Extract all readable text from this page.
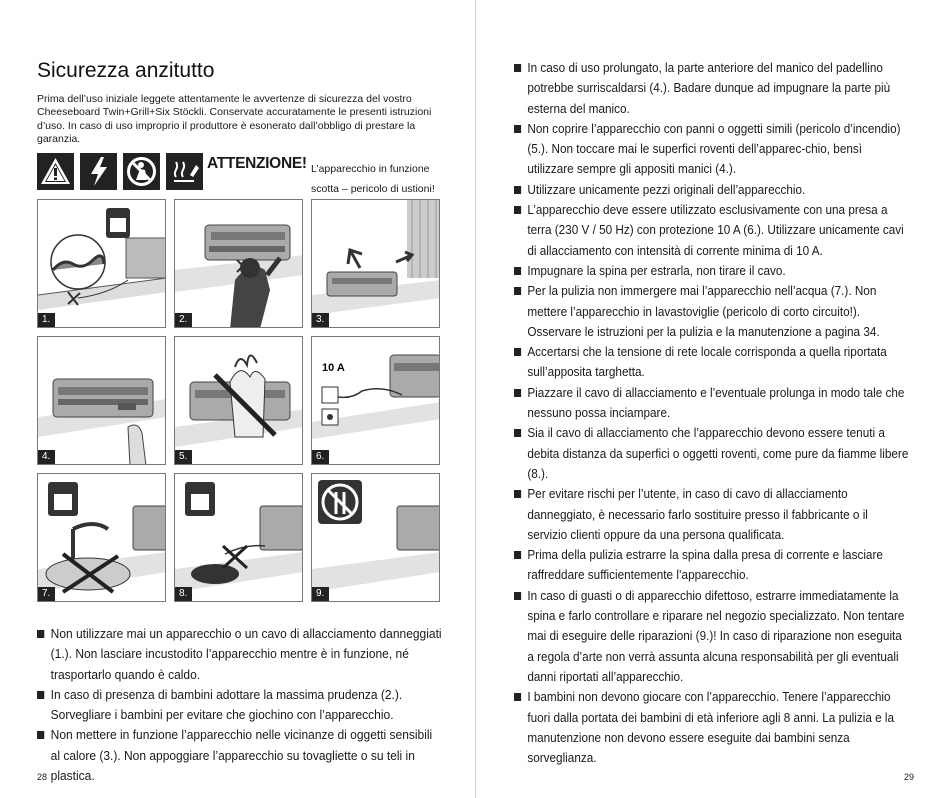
Sicurezza anzitutto

Prima dell’uso iniziale leggete attentamente le avvertenze di sicurezza del vostro Cheeseboard Twin+Grill+Six Stöckli. Conservate accuratamente le presenti istruzioni d’uso. In caso di uso improprio il produttore è esonerato dall’obbligo di prestare la garanzia.

ATTENZIONE! L’apparecchio in funzione
scotta – pericolo di ustioni!
1.	2.	3.
4.	5.
10 A
6.
7.	8.	9.
Non utilizzare mai un apparecchio o un cavo di allacciamento danneggiati (1.). Non lasciare incustodito l’apparecchio mentre è in funzione, né trasportarlo quando è caldo.
In caso di presenza di bambini adottare la massima prudenza (2.). Sorvegliare i bambini per evitare che giochino con l’apparecchio.
Non mettere in funzione l’apparecchio nelle vicinanze di oggetti sensibili al calore (3.). Non appoggiare l’apparecchio su tovagliette o su teli in plastica.
28
In caso di uso prolungato, la parte anteriore del manico del padellino potrebbe surriscaldarsi (4.). Badare dunque ad impugnare la parte più esterna del manico.
Non coprire l’apparecchio con panni o oggetti simili (pericolo d’incendio) (5.). Non toccare mai le superfici roventi dell’apparec-chio, bensì utilizzare sempre gli appositi manici (4.).
Utilizzare unicamente pezzi originali dell’apparecchio.
L’apparecchio deve essere utilizzato esclusivamente con una presa a terra (230 V / 50 Hz) con protezione 10 A (6.). Utilizzare unicamente cavi di allacciamento con intensità di corrente minima di 10 A.
Impugnare la spina per estrarla, non tirare il cavo.
Per la pulizia non immergere mai l’apparecchio nell’acqua (7.). Non mettere l’apparecchio in lavastoviglie (pericolo di corto circuito!). Osservare le istruzioni per la pulizia e la manutenzione a pagina 34.
Accertarsi che la tensione di rete locale corrisponda a quella riportata sull’apposita targhetta.
Piazzare il cavo di allacciamento e l’eventuale prolunga in modo tale che nessuno possa inciampare.
Sia il cavo di allacciamento che l’apparecchio devono essere tenuti a debita distanza da superfici o oggetti roventi, come pure da fiamme libere (8.).
Per evitare rischi per l’utente, in caso di cavo di allacciamento danneggiato, è necessario farlo sostituire presso il fabbricante o il servizio clienti oppure da una persona qualificata.
Prima della pulizia estrarre la spina dalla presa di corrente e lasciare raffreddare sufficientemente l’apparecchio.
In caso di guasti o di apparecchio difettoso, estrarre immediatamente la spina e farlo controllare e riparare nel negozio specializzato. Non tentare mai di eseguire delle riparazioni (9.)! In caso di riparazione non eseguita a regola d’arte non verrà assunta alcuna responsabilità per gli eventuali danni riportati all’apparecchio.
I bambini non devono giocare con l’apparecchio. Tenere l’apparecchio fuori dalla portata dei bambini di età inferiore agli 8 anni. La pulizia e la manutenzione non devono essere eseguite dai bambini senza sorveglianza.
29
